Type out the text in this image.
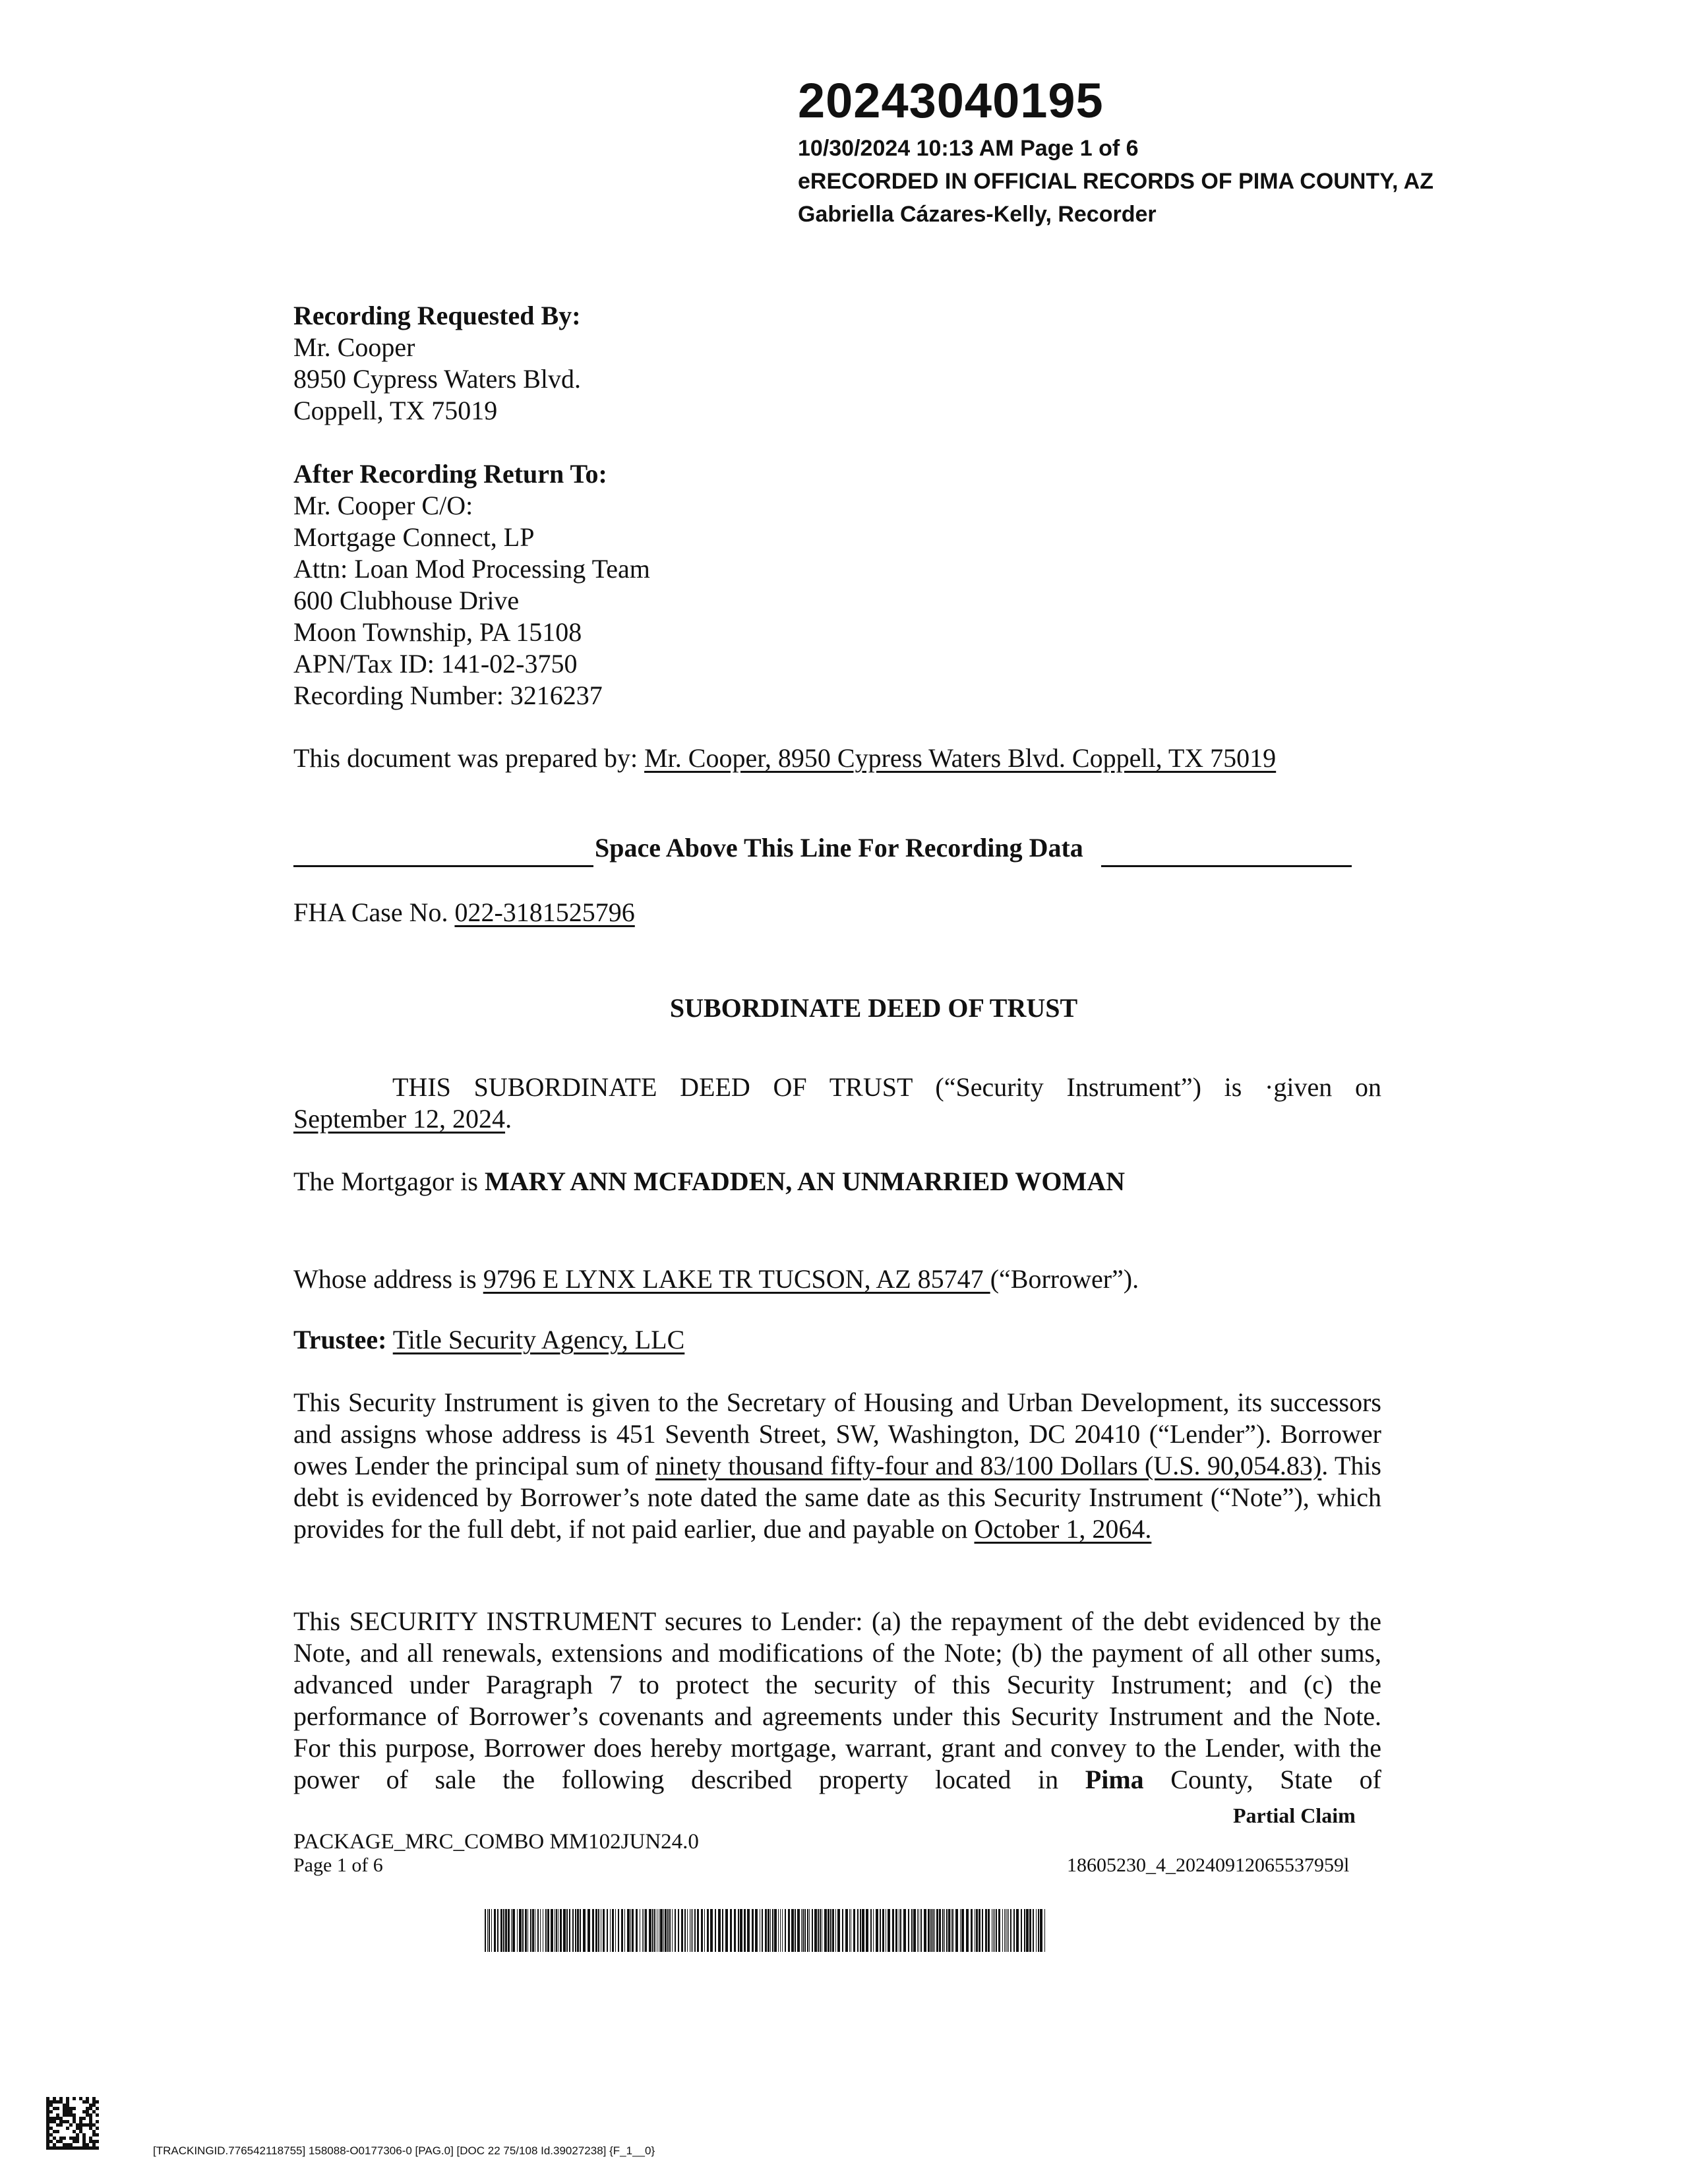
20243040195
10/30/2024 10:13 AM Page 1 of 6
eRECORDED IN OFFICIAL RECORDS OF PIMA COUNTY, AZ
Gabriella Cázares-Kelly, Recorder
Recording Requested By:
Mr. Cooper
8950 Cypress Waters Blvd.
Coppell, TX 75019
After Recording Return To:
Mr. Cooper C/O:
Mortgage Connect, LP
Attn: Loan Mod Processing Team
600 Clubhouse Drive
Moon Township, PA 15108
APN/Tax ID: 141-02-3750
Recording Number: 3216237
This document was prepared by: Mr. Cooper, 8950 Cypress Waters Blvd. Coppell, TX 75019
Space Above This Line For Recording Data
FHA Case No. 022-3181525796
SUBORDINATE DEED OF TRUST
THIS SUBORDINATE DEED OF TRUST (“Security Instrument”) is ·given on
September 12, 2024.
The Mortgagor is MARY ANN MCFADDEN, AN UNMARRIED WOMAN
Whose address is 9796 E LYNX LAKE TR TUCSON, AZ 85747 (“Borrower”).
Trustee: Title Security Agency, LLC
This Security Instrument is given to the Secretary of Housing and Urban Development, its successors and assigns whose address is 451 Seventh Street, SW, Washington, DC 20410 (“Lender”). Borrower owes Lender the principal sum of ninety thousand fifty-four and 83/100 Dollars (U.S. 90,054.83). This debt is evidenced by Borrower’s note dated the same date as this Security Instrument (“Note”), which provides for the full debt, if not paid earlier, due and payable on October 1, 2064.
This SECURITY INSTRUMENT secures to Lender: (a) the repayment of the debt evidenced by the Note, and all renewals, extensions and modifications of the Note; (b) the payment of all other sums, advanced under Paragraph 7 to protect the security of this Security Instrument; and (c) the performance of Borrower’s covenants and agreements under this Security Instrument and the Note. For this purpose, Borrower does hereby mortgage, warrant, grant and convey to the Lender, with the power of sale the following described property located in Pima County, State of
Partial Claim
PACKAGE_MRC_COMBO MM102JUN24.0
Page 1 of 6	18605230_4_20240912065537959l
[TRACKINGID.776542118755] 158088-O0177306-0 [PAG.0] [DOC 22 75/108 Id.39027238] {F_1__0}
